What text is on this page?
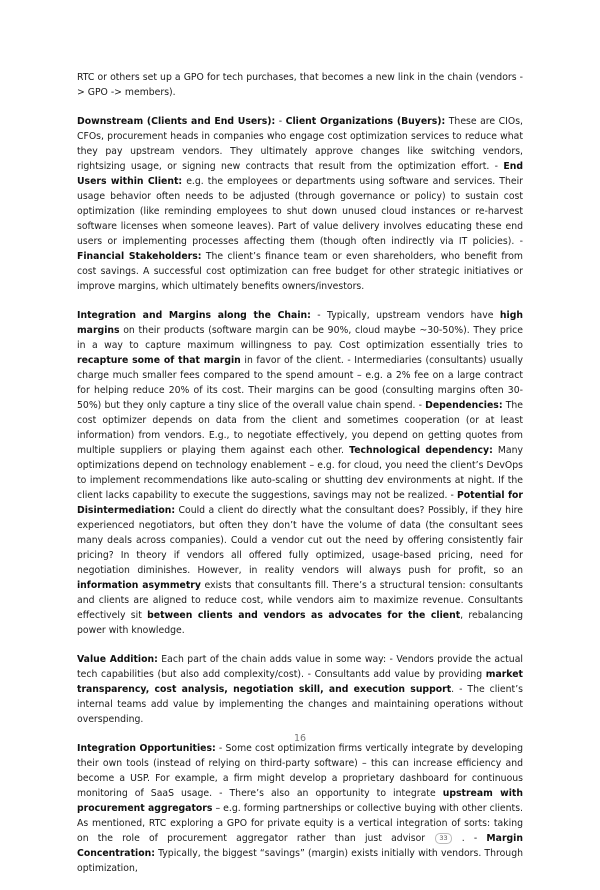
RTC or others set up a GPO for tech purchases, that becomes a new link in the chain (vendors -> GPO -> members).

Downstream (Clients and End Users): - Client Organizations (Buyers): These are CIOs, CFOs, procurement heads in companies who engage cost optimization services to reduce what they pay upstream vendors. They ultimately approve changes like switching vendors, rightsizing usage, or signing new contracts that result from the optimization effort. - End Users within Client: e.g. the employees or departments using software and services. Their usage behavior often needs to be adjusted (through governance or policy) to sustain cost optimization (like reminding employees to shut down unused cloud instances or re-harvest software licenses when someone leaves). Part of value delivery involves educating these end users or implementing processes affecting them (though often indirectly via IT policies). - Financial Stakeholders: The client’s finance team or even shareholders, who benefit from cost savings. A successful cost optimization can free budget for other strategic initiatives or improve margins, which ultimately benefits owners/investors.

Integration and Margins along the Chain: - Typically, upstream vendors have high margins on their products (software margin can be 90%, cloud maybe ~30-50%). They price in a way to capture maximum willingness to pay. Cost optimization essentially tries to recapture some of that margin in favor of the client. - Intermediaries (consultants) usually charge much smaller fees compared to the spend amount – e.g. a 2% fee on a large contract for helping reduce 20% of its cost. Their margins can be good (consulting margins often 30-50%) but they only capture a tiny slice of the overall value chain spend. - Dependencies: The cost optimizer depends on data from the client and sometimes cooperation (or at least information) from vendors. E.g., to negotiate effectively, you depend on getting quotes from multiple suppliers or playing them against each other. Technological dependency: Many optimizations depend on technology enablement – e.g. for cloud, you need the client’s DevOps to implement recommendations like auto-scaling or shutting dev environments at night. If the client lacks capability to execute the suggestions, savings may not be realized. - Potential for Disintermediation: Could a client do directly what the consultant does? Possibly, if they hire experienced negotiators, but often they don’t have the volume of data (the consultant sees many deals across companies). Could a vendor cut out the need by offering consistently fair pricing? In theory if vendors all offered fully optimized, usage-based pricing, need for negotiation diminishes. However, in reality vendors will always push for profit, so an information asymmetry exists that consultants fill. There’s a structural tension: consultants and clients are aligned to reduce cost, while vendors aim to maximize revenue. Consultants effectively sit between clients and vendors as advocates for the client, rebalancing power with knowledge.

Value Addition: Each part of the chain adds value in some way: - Vendors provide the actual tech capabilities (but also add complexity/cost). - Consultants add value by providing market transparency, cost analysis, negotiation skill, and execution support. - The client’s internal teams add value by implementing the changes and maintaining operations without overspending.

Integration Opportunities: - Some cost optimization firms vertically integrate by developing their own tools (instead of relying on third-party software) – this can increase efficiency and become a USP. For example, a firm might develop a proprietary dashboard for continuous monitoring of SaaS usage. - There’s also an opportunity to integrate upstream with procurement aggregators – e.g. forming partnerships or collective buying with other clients. As mentioned, RTC exploring a GPO for private equity is a vertical integration of sorts: taking on the role of procurement aggregator rather than just advisor 33 . - Margin Concentration: Typically, the biggest “savings” (margin) exists initially with vendors. Through optimization,

16
